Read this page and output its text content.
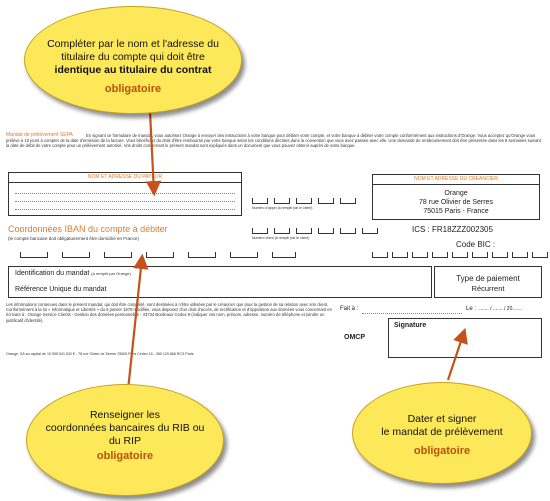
Mandat de prélèvement SEPA	En signant ce formulaire de mandat, vous autorisez Orange à envoyer des instructions à votre banque pour débiter votre compte, et votre banque à débiter votre compte conformément aux instructions d'Orange. Vous acceptez qu'Orange vous prélève à 10 jours à compter de la date d'émission de la facture. Vous bénéficiez du droit d'être remboursé par votre banque selon les conditions décrites dans la convention que vous avez passée avec elle. Une demande de remboursement doit être présentée dans les 8 semaines suivant la date de débit de votre compte pour un prélèvement autorisé. Vos droits concernant le présent mandat sont expliqués dans un document que vous pouvez obtenir auprès de votre banque.
NOM ET ADRESSE DU PAYEUR
Numéro d'appel (à remplir par le client)
NOM ET ADRESSE DU CRÉANCIER
Orange
78 rue Olivier de Serres
75015 Paris - France
Coordonnées IBAN du compte à débiter
(le compte bancaire doit obligatoirement être domicilié en France)	Numéro client (à remplir par le client)
ICS : FR18ZZZ002305
Code BIC :
Identification du mandat (à remplir par Orange)
Référence Unique du mandat
Type de paiement
Récurrent
Les informations contenues dans le présent mandat, qui doit être complété, sont destinées à n'être utilisées par le créancier que pour la gestion de sa relation avec son client. Conformément à la loi « Informatique et Libertés » du 6 janvier 1978 modifiée, vous disposez d'un droit d'accès, de rectification et d'opposition aux données vous concernant en écrivant à : Orange Service Clients - Gestion des données personnelles - 33734 Bordeaux Cedex 9 (indiquer vos nom, prénom, adresse, numéro de téléphone et joindre un justificatif d'identité).
Orange, SA au capital de 10 595 541 532 € - 78 rue Olivier de Serres 75505 Paris Cedex 15 - 380 129 866 RCS Paris
Fait à :	Le : ....... / ....... / 20.......
OMCP
Signature
Compléter par le nom et l'adresse du
titulaire du compte qui doit être
identique au titulaire du contrat
obligatoire
Renseigner les
coordonnées bancaires du RIB ou
du RIP
obligatoire
Dater et signer
le mandat de prélèvement
obligatoire
